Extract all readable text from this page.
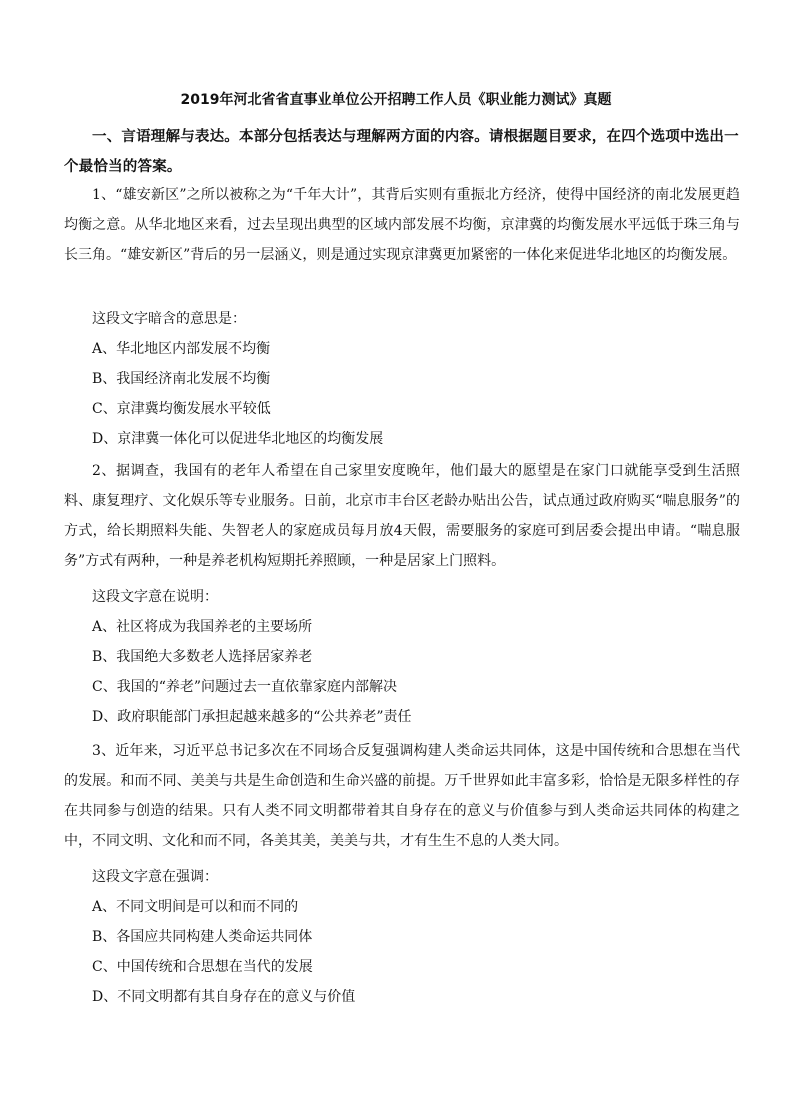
2019年河北省省直事业单位公开招聘工作人员《职业能力测试》真题
一、言语理解与表达。本部分包括表达与理解两方面的内容。请根据题目要求，在四个选项中选出一个最恰当的答案。
1、“雄安新区”之所以被称之为“千年大计”，其背后实则有重振北方经济，使得中国经济的南北发展更趋均衡之意。从华北地区来看，过去呈现出典型的区域内部发展不均衡，京津冀的均衡发展水平远低于珠三角与长三角。“雄安新区”背后的另一层涵义，则是通过实现京津冀更加紧密的一体化来促进华北地区的均衡发展。
这段文字暗含的意思是：
A、华北地区内部发展不均衡
B、我国经济南北发展不均衡
C、京津冀均衡发展水平较低
D、京津冀一体化可以促进华北地区的均衡发展
2、据调查，我国有的老年人希望在自己家里安度晚年，他们最大的愿望是在家门口就能享受到生活照料、康复理疗、文化娱乐等专业服务。日前，北京市丰台区老龄办贴出公告，试点通过政府购买“喘息服务”的方式，给长期照料失能、失智老人的家庭成员每月放4天假，需要服务的家庭可到居委会提出申请。“喘息服务”方式有两种，一种是养老机构短期托养照顾，一种是居家上门照料。
这段文字意在说明：
A、社区将成为我国养老的主要场所
B、我国绝大多数老人选择居家养老
C、我国的“养老”问题过去一直依靠家庭内部解决
D、政府职能部门承担起越来越多的“公共养老”责任
3、近年来，习近平总书记多次在不同场合反复强调构建人类命运共同体，这是中国传统和合思想在当代的发展。和而不同、美美与共是生命创造和生命兴盛的前提。万千世界如此丰富多彩，恰恰是无限多样性的存在共同参与创造的结果。只有人类不同文明都带着其自身存在的意义与价值参与到人类命运共同体的构建之中，不同文明、文化和而不同，各美其美，美美与共，才有生生不息的人类大同。
这段文字意在强调：
A、不同文明间是可以和而不同的
B、各国应共同构建人类命运共同体
C、中国传统和合思想在当代的发展
D、不同文明都有其自身存在的意义与价值
